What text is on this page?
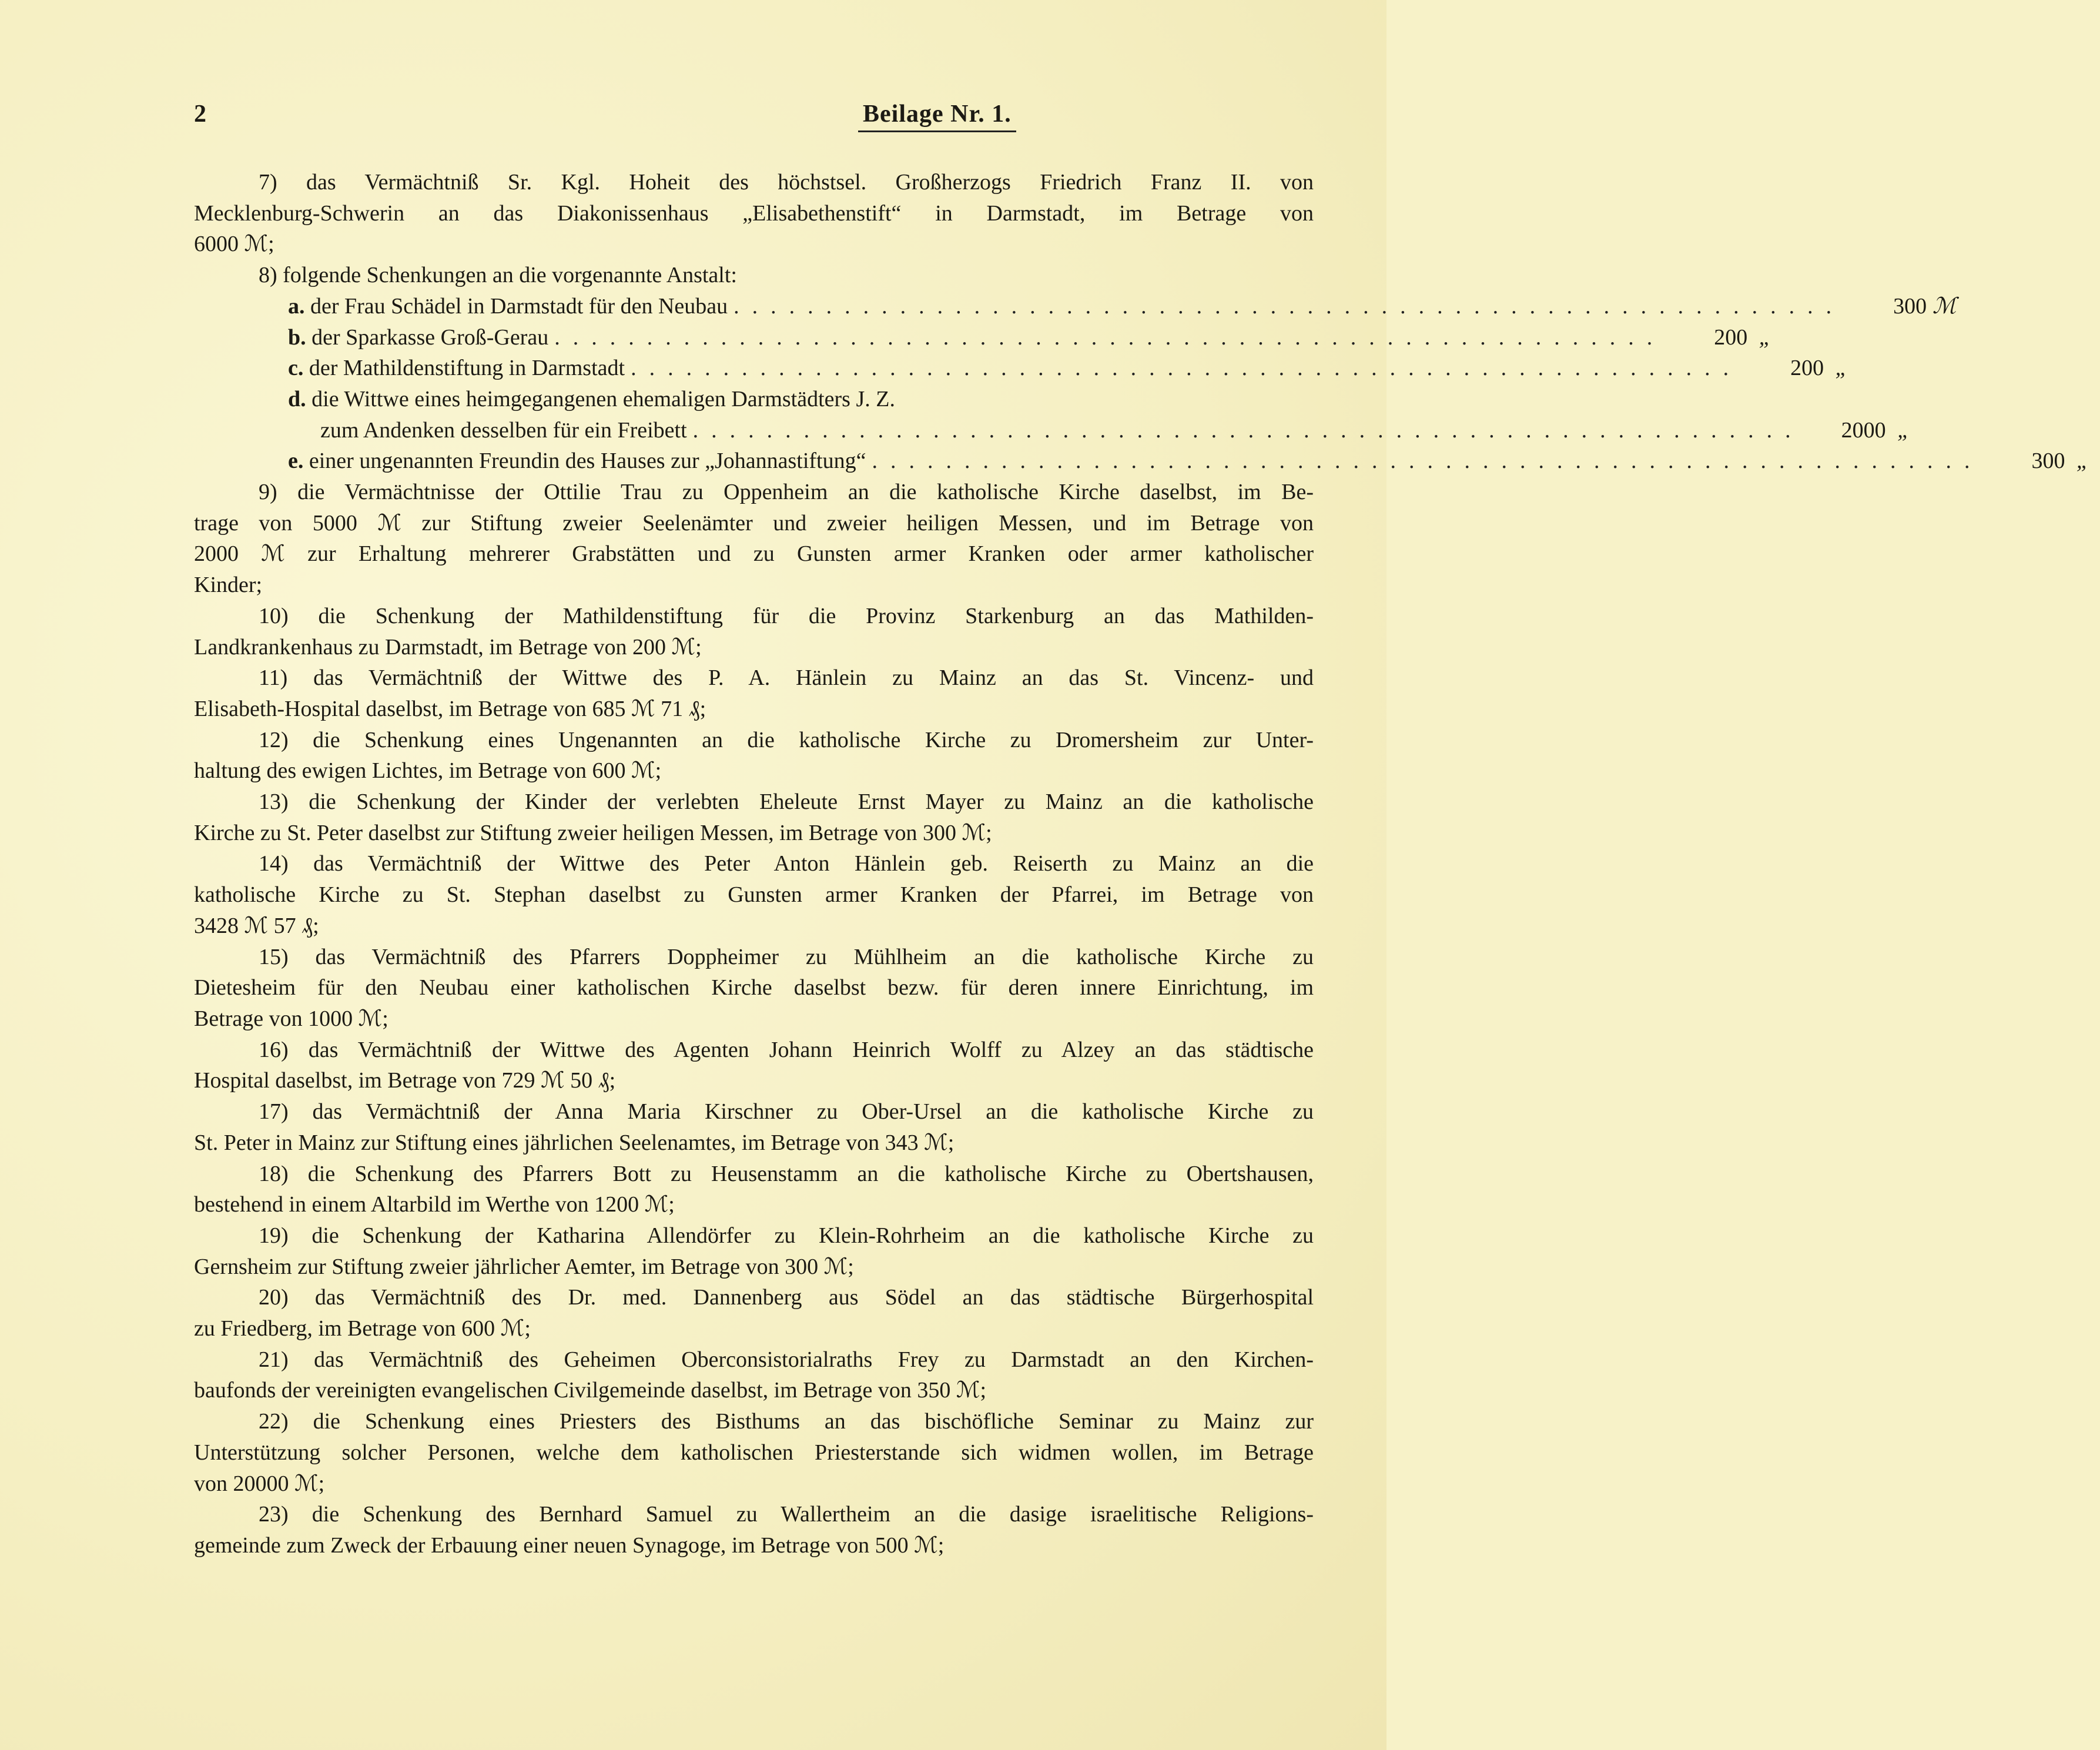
2	Beilage Nr. 1.
7) das Vermächtniß Sr. Kgl. Hoheit des höchstsel. Großherzogs Friedrich Franz II. von
Mecklenburg-Schwerin an das Diakonissenhaus „Elisabethenstift“ in Darmstadt, im Betrage von
6000 ℳ;
8) folgende Schenkungen an die vorgenannte Anstalt:
a. der Frau Schädel in Darmstadt für den Neubau ............................................................	300 ℳ
b. der Sparkasse Groß-Gerau ............................................................	200 „
c. der Mathildenstiftung in Darmstadt ............................................................	200 „
d. die Wittwe eines heimgegangenen ehemaligen Darmstädters J. Z.
zum Andenken desselben für ein Freibett ............................................................	2000 „
e. einer ungenannten Freundin des Hauses zur „Johannastiftung“ ............................................................	300 „
9) die Vermächtnisse der Ottilie Trau zu Oppenheim an die katholische Kirche daselbst, im Be-
trage von 5000 ℳ zur Stiftung zweier Seelenämter und zweier heiligen Messen, und im Betrage von
2000 ℳ zur Erhaltung mehrerer Grabstätten und zu Gunsten armer Kranken oder armer katholischer
Kinder;
10) die Schenkung der Mathildenstiftung für die Provinz Starkenburg an das Mathilden-
Landkrankenhaus zu Darmstadt, im Betrage von 200 ℳ;
11) das Vermächtniß der Wittwe des P. A. Hänlein zu Mainz an das St. Vincenz- und
Elisabeth-Hospital daselbst, im Betrage von 685 ℳ 71 ₰;
12) die Schenkung eines Ungenannten an die katholische Kirche zu Dromersheim zur Unter-
haltung des ewigen Lichtes, im Betrage von 600 ℳ;
13) die Schenkung der Kinder der verlebten Eheleute Ernst Mayer zu Mainz an die katholische
Kirche zu St. Peter daselbst zur Stiftung zweier heiligen Messen, im Betrage von 300 ℳ;
14) das Vermächtniß der Wittwe des Peter Anton Hänlein geb. Reiserth zu Mainz an die
katholische Kirche zu St. Stephan daselbst zu Gunsten armer Kranken der Pfarrei, im Betrage von
3428 ℳ 57 ₰;
15) das Vermächtniß des Pfarrers Doppheimer zu Mühlheim an die katholische Kirche zu
Dietesheim für den Neubau einer katholischen Kirche daselbst bezw. für deren innere Einrichtung, im
Betrage von 1000 ℳ;
16) das Vermächtniß der Wittwe des Agenten Johann Heinrich Wolff zu Alzey an das städtische
Hospital daselbst, im Betrage von 729 ℳ 50 ₰;
17) das Vermächtniß der Anna Maria Kirschner zu Ober-Ursel an die katholische Kirche zu
St. Peter in Mainz zur Stiftung eines jährlichen Seelenamtes, im Betrage von 343 ℳ;
18) die Schenkung des Pfarrers Bott zu Heusenstamm an die katholische Kirche zu Obertshausen,
bestehend in einem Altarbild im Werthe von 1200 ℳ;
19) die Schenkung der Katharina Allendörfer zu Klein-Rohrheim an die katholische Kirche zu
Gernsheim zur Stiftung zweier jährlicher Aemter, im Betrage von 300 ℳ;
20) das Vermächtniß des Dr. med. Dannenberg aus Södel an das städtische Bürgerhospital
zu Friedberg, im Betrage von 600 ℳ;
21) das Vermächtniß des Geheimen Oberconsistorialraths Frey zu Darmstadt an den Kirchen-
baufonds der vereinigten evangelischen Civilgemeinde daselbst, im Betrage von 350 ℳ;
22) die Schenkung eines Priesters des Bisthums an das bischöfliche Seminar zu Mainz zur
Unterstützung solcher Personen, welche dem katholischen Priesterstande sich widmen wollen, im Betrage
von 20000 ℳ;
23) die Schenkung des Bernhard Samuel zu Wallertheim an die dasige israelitische Religions-
gemeinde zum Zweck der Erbauung einer neuen Synagoge, im Betrage von 500 ℳ;
